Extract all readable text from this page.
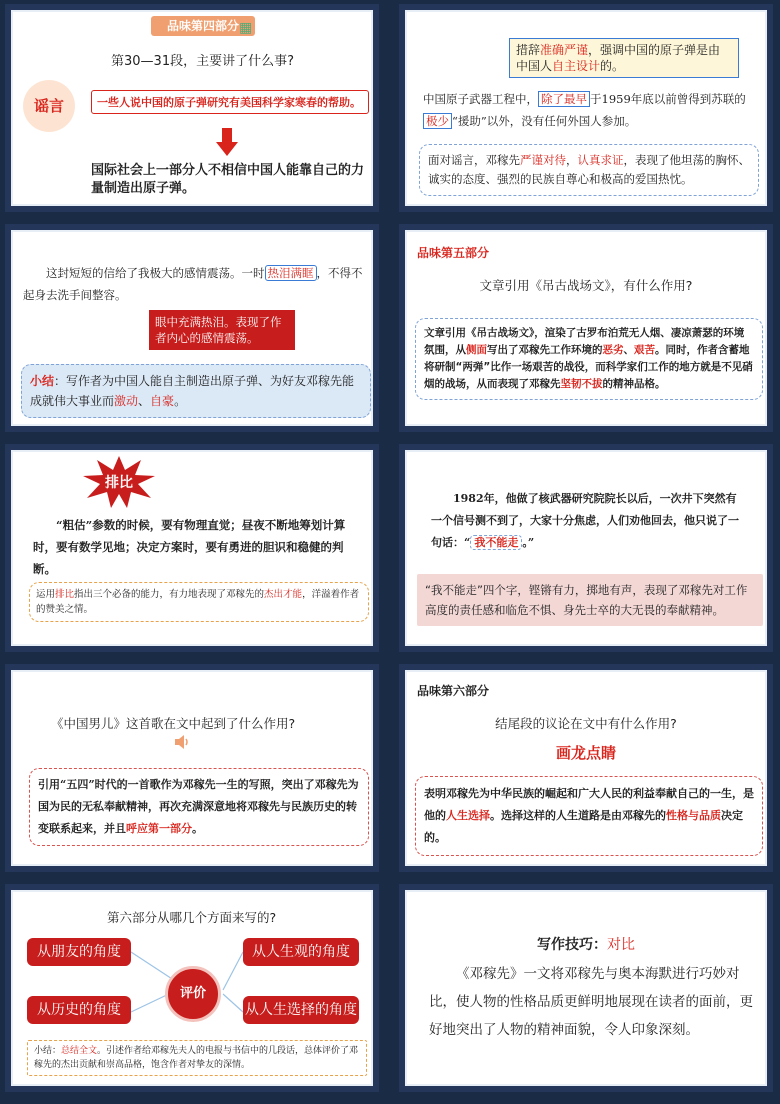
品味第四部分 ▦
第30—31段，主要讲了什么事?
谣言	一些人说中国的原子弹研究有美国科学家寒春的帮助。
国际社会上一部分人不相信中国人能靠自己的力量制造出原子弹。
措辞准确严谨，强调中国的原子弹是由中国人自主设计的。
中国原子武器工程中， 除了最早 于1959年底以前曾得到苏联的极少 “援助”以外，没有任何外国人参加。
面对谣言，邓稼先严谨对待，认真求证，表现了他坦荡的胸怀、诚实的态度、强烈的民族自尊心和极高的爱国热忱。
这封短短的信给了我极大的感情震荡。一时 热泪满眶 ，不得不起身去洗手间整容。
眼中充满热泪。表现了作者内心的感情震荡。
小结：写作者为中国人能自主制造出原子弹、为好友邓稼先能成就伟大事业而激动、自豪。
品味第五部分
文章引用《吊古战场文》，有什么作用?
文章引用《吊古战场文》，渲染了古罗布泊荒无人烟、凄凉萧瑟的环境氛围，从侧面写出了邓稼先工作环境的恶劣、艰苦。同时，作者含蓄地将研制“两弹”比作一场艰苦的战役，而科学家们工作的地方就是不见硝烟的战场，从而表现了邓稼先坚韧不拔的精神品格。
排比
“粗估”参数的时候，要有物理直觉；昼夜不断地筹划计算时，要有数学见地；决定方案时，要有勇进的胆识和稳健的判断。
运用排比指出三个必备的能力，有力地表现了邓稼先的杰出才能，洋溢着作者的赞美之情。
1982年，他做了核武器研究院院长以后，一次井下突然有一个信号测不到了，大家十分焦虑，人们劝他回去，他只说了一句话：“ 我不能走 。”
“我不能走”四个字，铿锵有力，掷地有声，表现了邓稼先对工作高度的责任感和临危不惧、身先士卒的大无畏的奉献精神。
《中国男儿》这首歌在文中起到了什么作用?
引用“五四”时代的一首歌作为邓稼先一生的写照，突出了邓稼先为国为民的无私奉献精神，再次充满深意地将邓稼先与民族历史的转变联系起来，并且呼应第一部分。
品味第六部分
结尾段的议论在文中有什么作用?
画龙点睛
表明邓稼先为中华民族的崛起和广大人民的利益奉献自己的一生，是他的人生选择。选择这样的人生道路是由邓稼先的性格与品质决定的。
第六部分从哪几个方面来写的?
从朋友的角度	从人生观的角度
从历史的角度	从人生选择的角度
评价
小结：总结全文。引述作者给邓稼先夫人的电报与书信中的几段话，总体评价了邓稼先的杰出贡献和崇高品格，饱含作者对挚友的深情。
写作技巧：对比
《邓稼先》一文将邓稼先与奥本海默进行巧妙对比，使人物的性格品质更鲜明地展现在读者的面前，更好地突出了人物的精神面貌，令人印象深刻。
